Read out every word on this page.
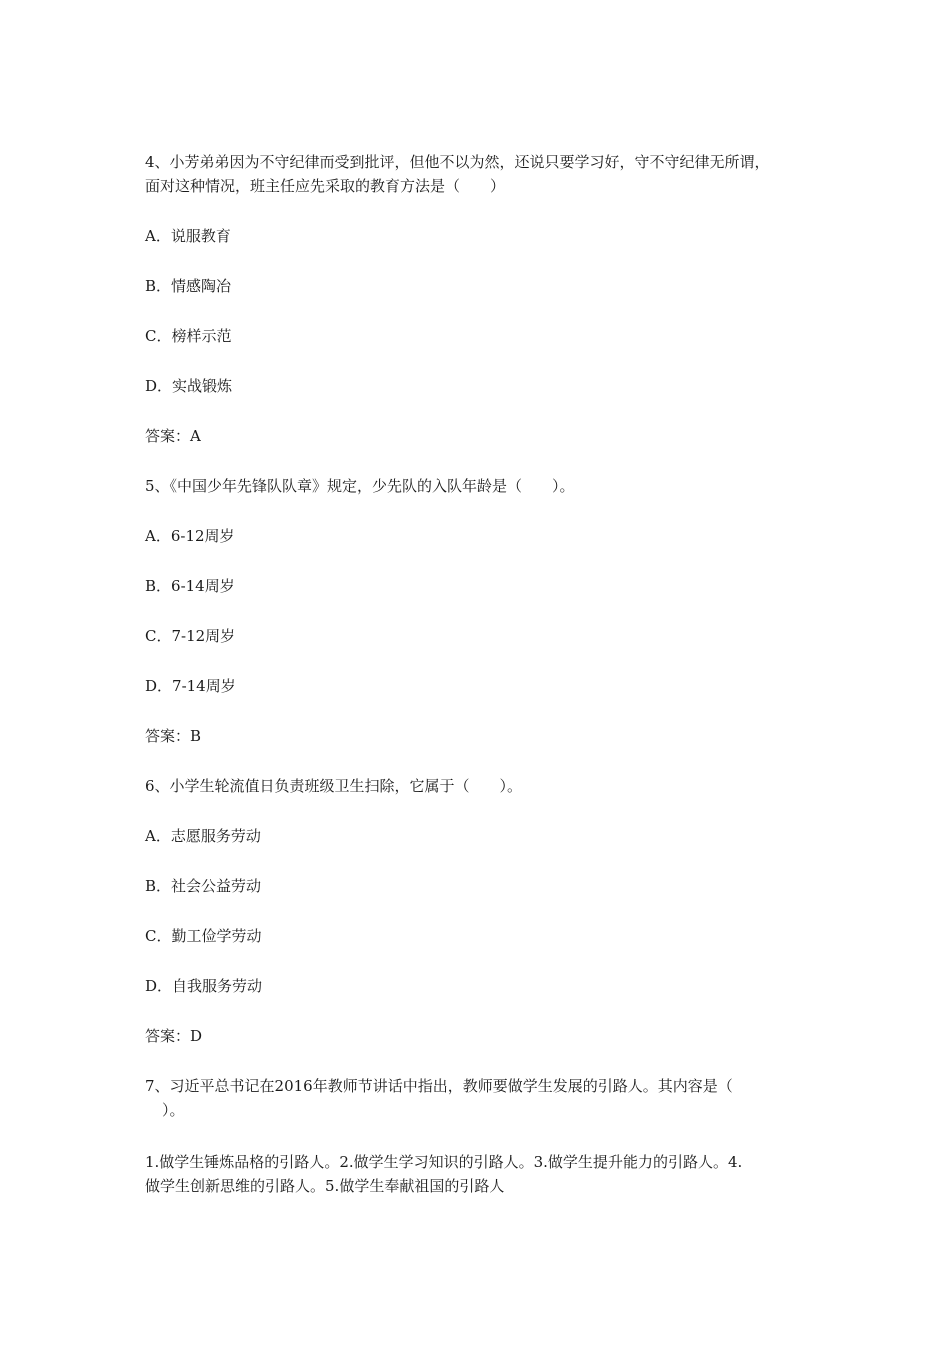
4、小芳弟弟因为不守纪律而受到批评，但他不以为然，还说只要学习好，守不守纪律无所谓，
面对这种情况，班主任应先采取的教育方法是（　　）
A．说服教育
B．情感陶冶
C．榜样示范
D．实战锻炼
答案：A
5、《中国少年先锋队队章》规定，少先队的入队年龄是（　　）。
A．6-12周岁
B．6-14周岁
C．7-12周岁
D．7-14周岁
答案：B
6、小学生轮流值日负责班级卫生扫除，它属于（　　）。
A．志愿服务劳动
B．社会公益劳动
C．勤工俭学劳动
D．自我服务劳动
答案：D
7、习近平总书记在2016年教师节讲话中指出，教师要做学生发展的引路人。其内容是（
）。
1.做学生锤炼品格的引路人。2.做学生学习知识的引路人。3.做学生提升能力的引路人。4.
做学生创新思维的引路人。5.做学生奉献祖国的引路人
